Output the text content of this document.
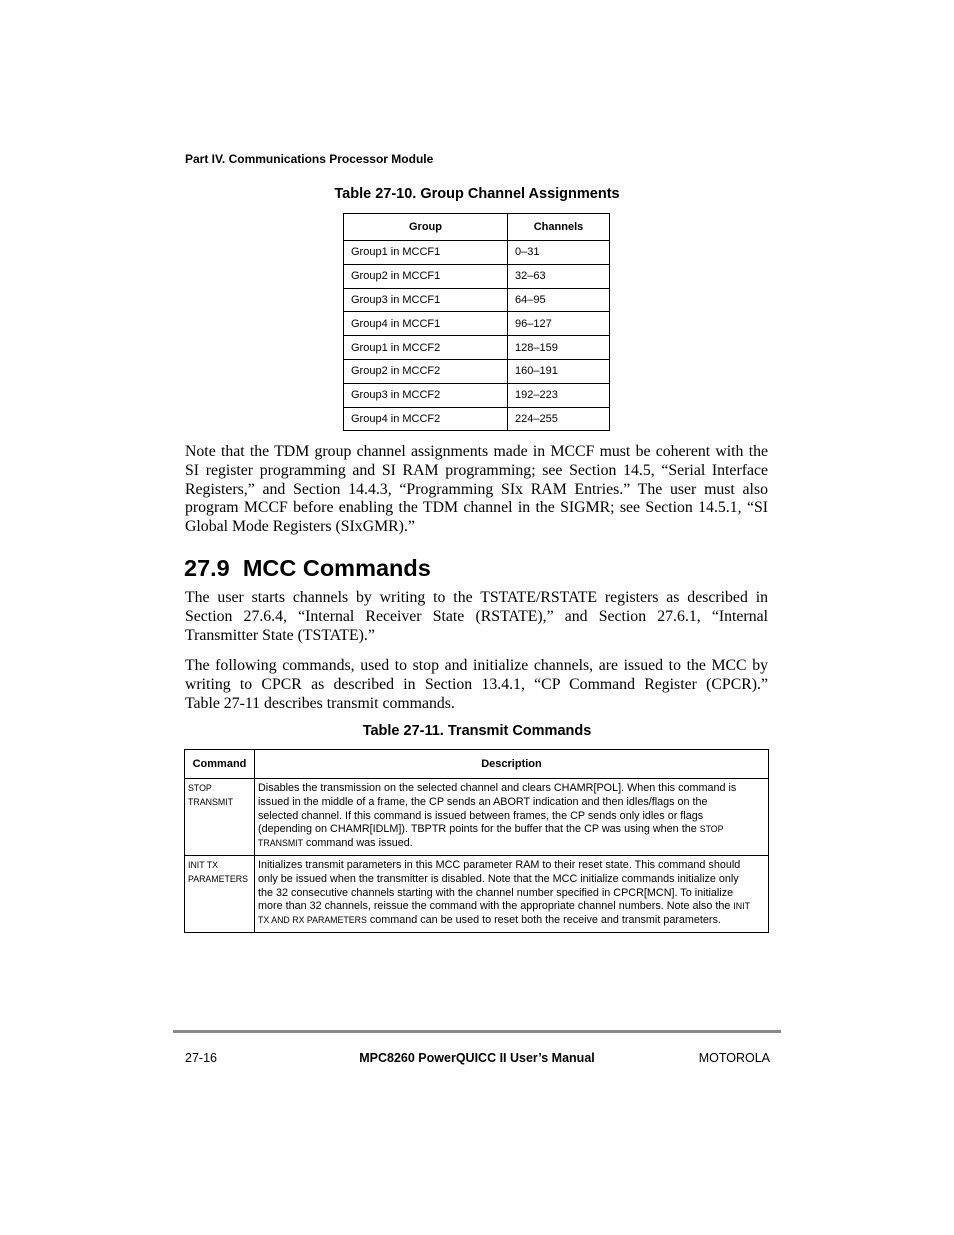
Part IV. Communications Processor Module
Table 27-10. Group Channel Assignments
Group	Channels
Group1 in MCCF1	0–31
Group2 in MCCF1	32–63
Group3 in MCCF1	64–95
Group4 in MCCF1	96–127
Group1 in MCCF2	128–159
Group2 in MCCF2	160–191
Group3 in MCCF2	192–223
Group4 in MCCF2	224–255
Note that the TDM group channel assignments made in MCCF must be coherent with the
SI register programming and SI RAM programming; see Section 14.5, “Serial Interface
Registers,” and Section 14.4.3, “Programming SIx RAM Entries.” The user must also
program MCCF before enabling the TDM channel in the SIGMR; see Section 14.5.1, “SI
Global Mode Registers (SIxGMR).”
27.9 MCC Commands
The user starts channels by writing to the TSTATE/RSTATE registers as described in
Section 27.6.4, “Internal Receiver State (RSTATE),” and Section 27.6.1, “Internal
Transmitter State (TSTATE).”
The following commands, used to stop and initialize channels, are issued to the MCC by
writing to CPCR as described in Section 13.4.1, “CP Command Register (CPCR).”
Table 27-11 describes transmit commands.
Table 27-11. Transmit Commands
Command	Description
STOP
TRANSMIT	Disables the transmission on the selected channel and clears CHAMR[POL]. When this command is
issued in the middle of a frame, the CP sends an ABORT indication and then idles/flags on the
selected channel. If this command is issued between frames, the CP sends only idles or flags
(depending on CHAMR[IDLM]). TBPTR points for the buffer that the CP was using when the STOP
TRANSMIT command was issued.
INIT TX
PARAMETERS	Initializes transmit parameters in this MCC parameter RAM to their reset state. This command should
only be issued when the transmitter is disabled. Note that the MCC initialize commands initialize only
the 32 consecutive channels starting with the channel number specified in CPCR[MCN]. To initialize
more than 32 channels, reissue the command with the appropriate channel numbers. Note also the INIT
TX AND RX PARAMETERS command can be used to reset both the receive and transmit parameters.
27-16	MPC8260 PowerQUICC II User’s Manual	MOTOROLA
